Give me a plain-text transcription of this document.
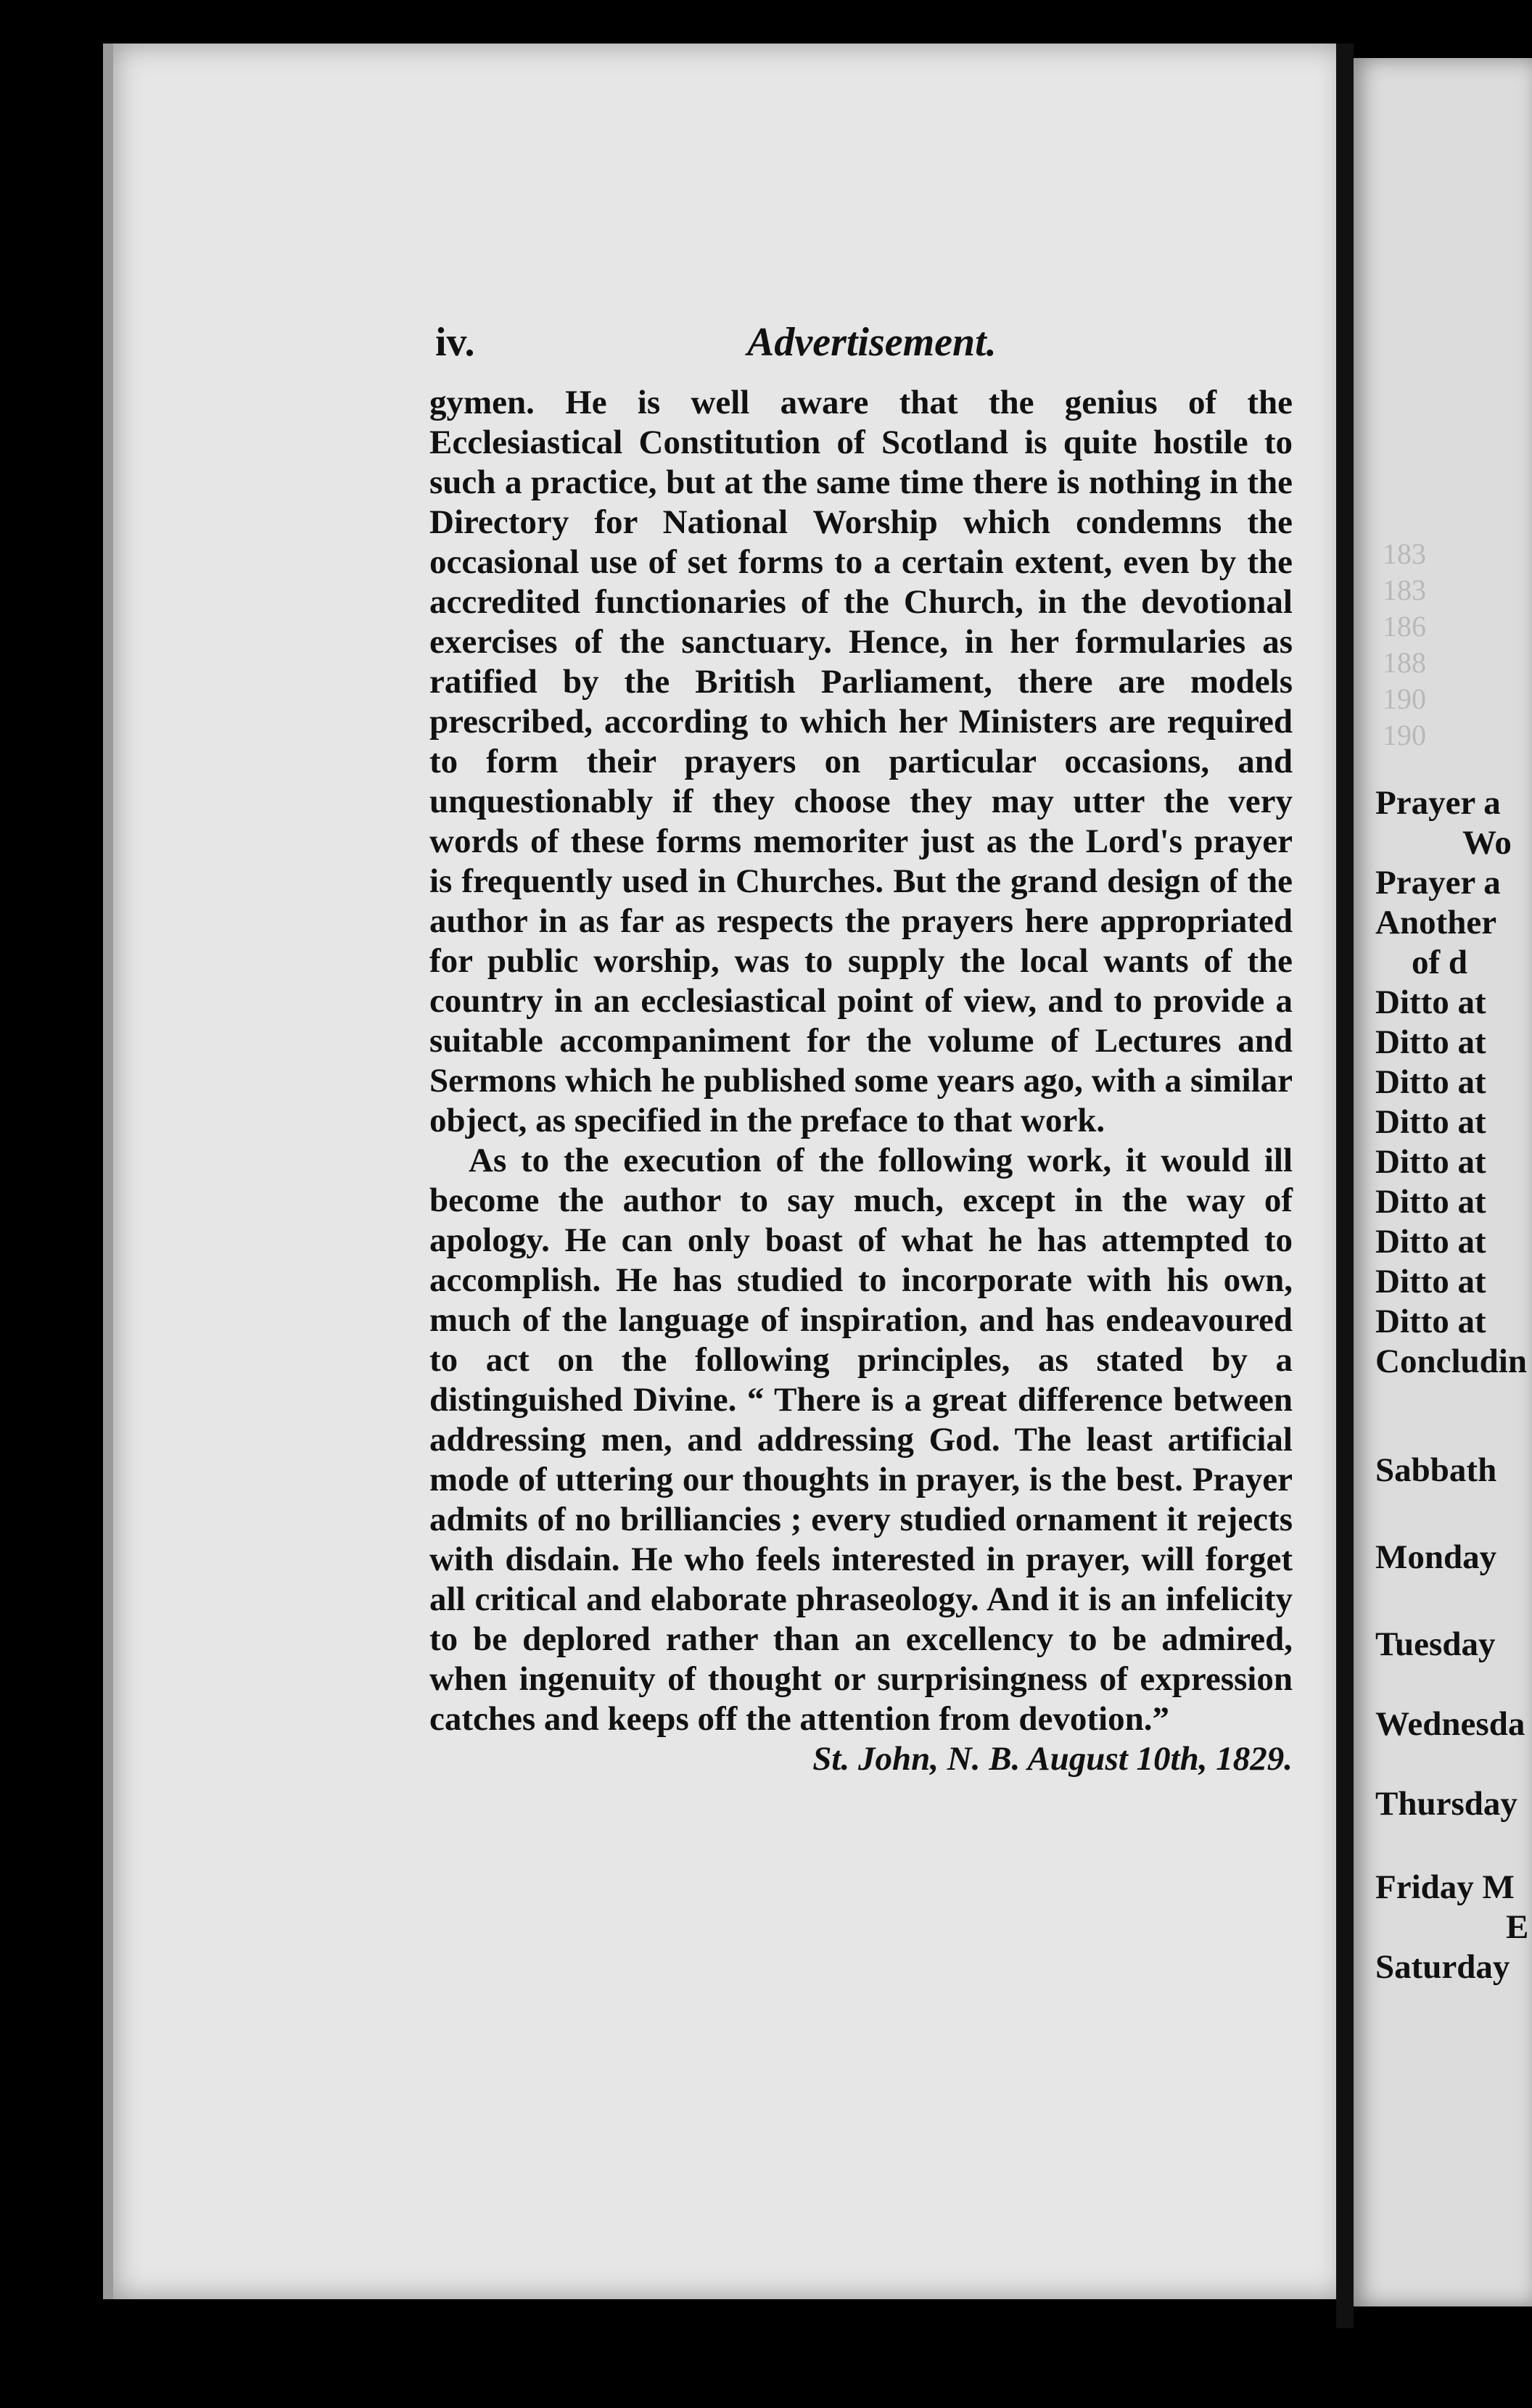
iv.	Advertisement.

gymen. He is well aware that the genius of the Ecclesiastical Constitution of Scotland is quite hostile to such a practice, but at the same time there is nothing in the Directory for National Worship which condemns the occasional use of set forms to a certain extent, even by the accredited functionaries of the Church, in the devotional exercises of the sanctuary. Hence, in her formularies as ratified by the British Parliament, there are models prescribed, according to which her Ministers are required to form their prayers on particular occasions, and unquestionably if they choose they may utter the very words of these forms memoriter just as the Lord's prayer is frequently used in Churches. But the grand design of the author in as far as respects the prayers here appropriated for public worship, was to supply the local wants of the country in an ecclesiastical point of view, and to provide a suitable accompaniment for the volume of Lectures and Sermons which he published some years ago, with a similar object, as specified in the preface to that work.

As to the execution of the following work, it would ill become the author to say much, except in the way of apology. He can only boast of what he has attempted to accomplish. He has studied to incorporate with his own, much of the language of inspiration, and has endeavoured to act on the following principles, as stated by a distinguished Divine. “ There is a great difference between addressing men, and addressing God. The least artificial mode of uttering our thoughts in prayer, is the best. Prayer admits of no brilliancies ; every studied ornament it rejects with disdain. He who feels interested in prayer, will forget all critical and elaborate phraseology. And it is an infelicity to be deplored rather than an excellency to be admired, when ingenuity of thought or surprisingness of expression catches and keeps off the attention from devotion.”

St. John, N. B. August 10th, 1829.

183
183
186
188
190
190
Prayer a
Wo
Prayer a
Another
of d
Ditto at
Ditto at
Ditto at
Ditto at
Ditto at
Ditto at
Ditto at
Ditto at
Ditto at
Concludin
Sabbath
Monday
Tuesday
Wednesda
Thursday
Friday M
E
Saturday
